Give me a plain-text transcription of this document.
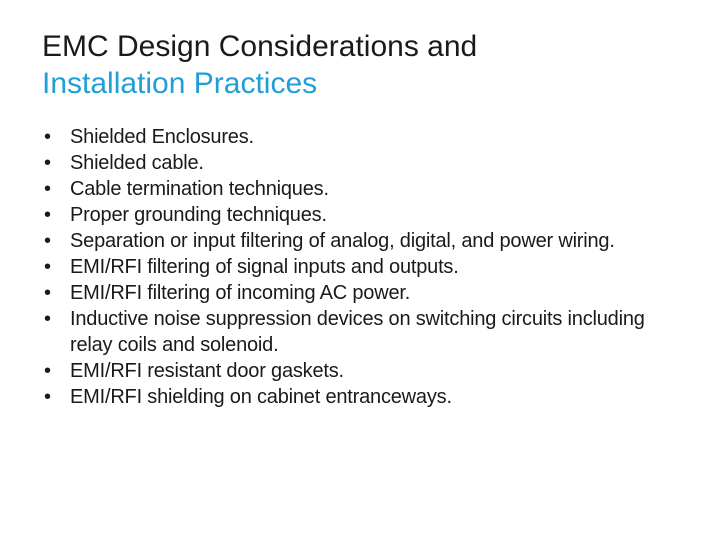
EMC Design Considerations and
Installation Practices
• Shielded Enclosures.
• Shielded cable.
• Cable termination techniques.
• Proper grounding techniques.
• Separation or input filtering of analog, digital, and power wiring.
• EMI/RFI filtering of signal inputs and outputs.
• EMI/RFI filtering of incoming AC power.
• Inductive noise suppression devices on switching circuits including relay coils and solenoid.
• EMI/RFI resistant door gaskets.
• EMI/RFI shielding on cabinet entranceways.
